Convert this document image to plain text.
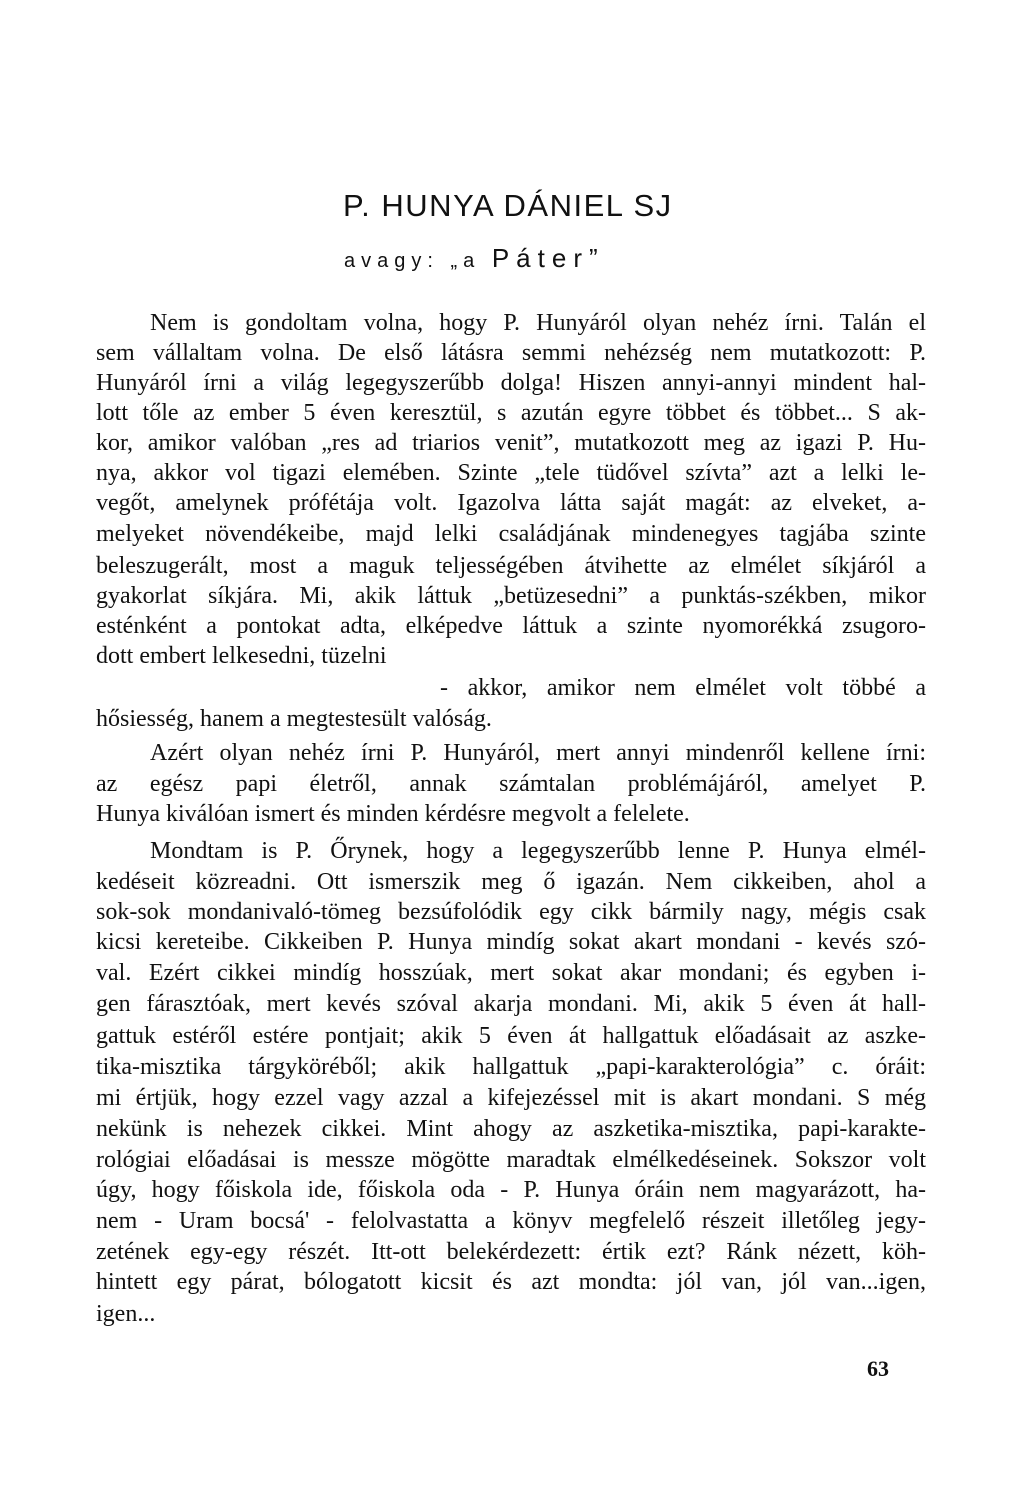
P. HUNYA DÁNIEL SJ
avagy: „a Páter”
Nem is gondoltam volna, hogy P. Hunyáról olyan nehéz írni. Talán el
sem vállaltam volna. De első látásra semmi nehézség nem mutatkozott: P.
Hunyáról írni a világ legegyszerűbb dolga! Hiszen annyi-annyi mindent hal-
lott tőle az ember 5 éven keresztül, s azután egyre többet és többet... S ak-
kor, amikor valóban „res ad triarios venit”, mutatkozott meg az igazi P. Hu-
nya, akkor vol tigazi elemében. Szinte „tele tüdővel szívta” azt a lelki le-
vegőt, amelynek prófétája volt. Igazolva látta saját magát: az elveket, a-
melyeket növendékeibe, majd lelki családjának mindenegyes tagjába szinte
beleszugerált, most a maguk teljességében átvihette az elmélet síkjáról a
gyakorlat síkjára. Mi, akik láttuk „betüzesedni” a punktás-székben, mikor
esténként a pontokat adta, elképedve láttuk a szinte nyomorékká zsugoro-
dott embert lelkesedni, tüzelni
- akkor, amikor nem elmélet volt többé a
hősiesség, hanem a megtestesült valóság.
Azért olyan nehéz írni P. Hunyáról, mert annyi mindenről kellene írni:
az egész papi életről, annak számtalan problémájáról, amelyet P.
Hunya kiválóan ismert és minden kérdésre megvolt a felelete.
Mondtam is P. Őrynek, hogy a legegyszerűbb lenne P. Hunya elmél-
kedéseit közreadni. Ott ismerszik meg ő igazán. Nem cikkeiben, ahol a
sok-sok mondanivaló-tömeg bezsúfolódik egy cikk bármily nagy, mégis csak
kicsi kereteibe. Cikkeiben P. Hunya mindíg sokat akart mondani - kevés szó-
val. Ezért cikkei mindíg hosszúak, mert sokat akar mondani; és egyben i-
gen fárasztóak, mert kevés szóval akarja mondani. Mi, akik 5 éven át hall-
gattuk estéről estére pontjait; akik 5 éven át hallgattuk előadásait az aszke-
tika-misztika tárgyköréből; akik hallgattuk „papi-karakterológia” c. óráit:
mi értjük, hogy ezzel vagy azzal a kifejezéssel mit is akart mondani. S még
nekünk is nehezek cikkei. Mint ahogy az aszketika-misztika, papi-karakte-
rológiai előadásai is messze mögötte maradtak elmélkedéseinek. Sokszor volt
úgy, hogy főiskola ide, főiskola oda - P. Hunya óráin nem magyarázott, ha-
nem - Uram bocsá' - felolvastatta a könyv megfelelő részeit illetőleg jegy-
zetének egy-egy részét. Itt-ott belekérdezett: értik ezt? Ránk nézett, köh-
hintett egy párat, bólogatott kicsit és azt mondta: jól van, jól van...igen,
igen...
63
